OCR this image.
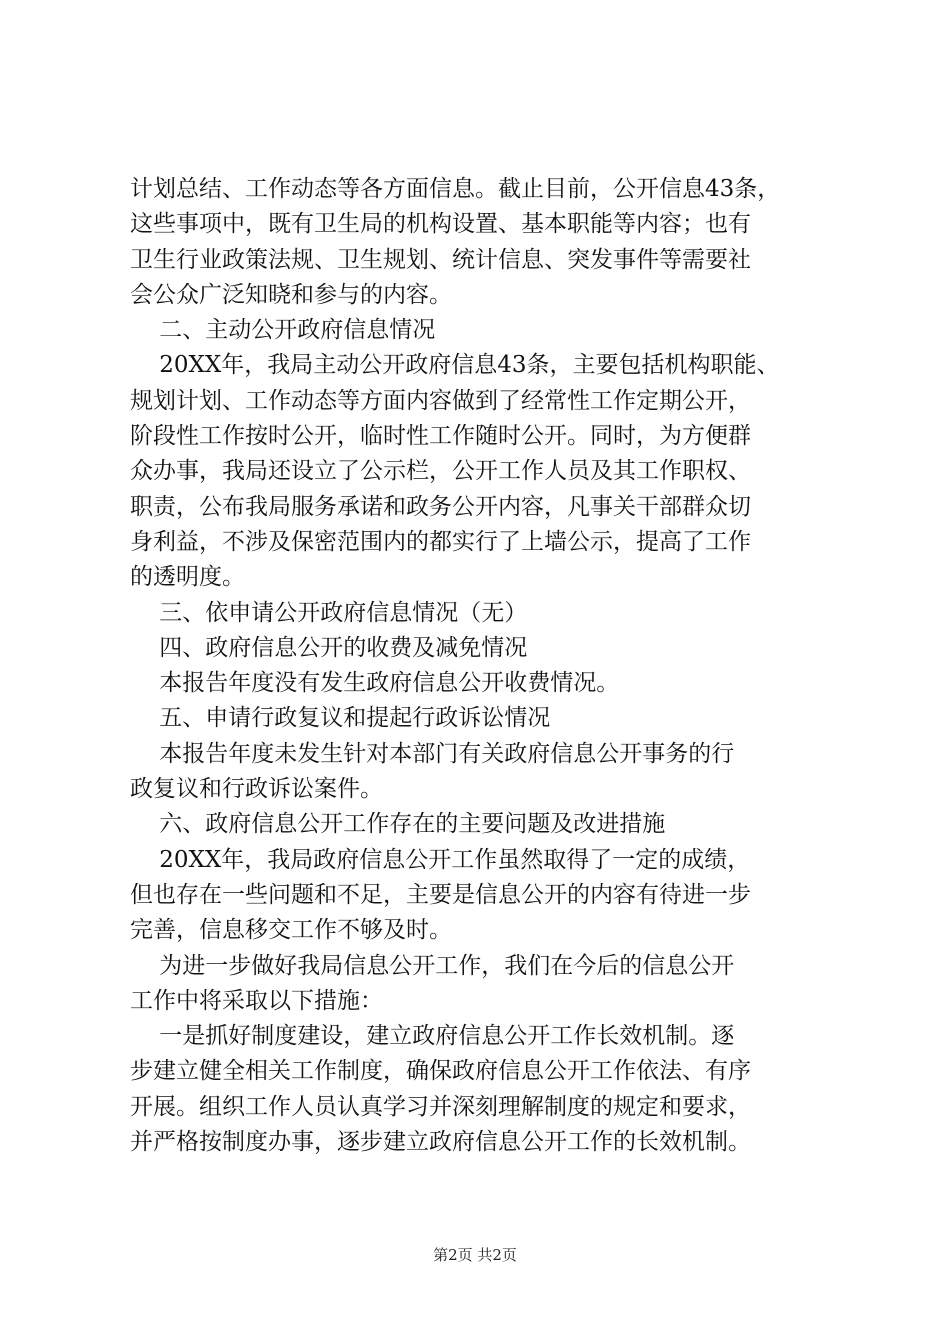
计划总结、工作动态等各方面信息。截止目前，公开信息43条，
这些事项中，既有卫生局的机构设置、基本职能等内容；也有
卫生行业政策法规、卫生规划、统计信息、突发事件等需要社
会公众广泛知晓和参与的内容。
二、主动公开政府信息情况
20XX年，我局主动公开政府信息43条，主要包括机构职能、
规划计划、工作动态等方面内容做到了经常性工作定期公开，
阶段性工作按时公开，临时性工作随时公开。同时，为方便群
众办事，我局还设立了公示栏，公开工作人员及其工作职权、
职责，公布我局服务承诺和政务公开内容，凡事关干部群众切
身利益，不涉及保密范围内的都实行了上墙公示，提高了工作
的透明度。
三、依申请公开政府信息情况（无）
四、政府信息公开的收费及减免情况
本报告年度没有发生政府信息公开收费情况。
五、申请行政复议和提起行政诉讼情况
本报告年度未发生针对本部门有关政府信息公开事务的行
政复议和行政诉讼案件。
六、政府信息公开工作存在的主要问题及改进措施
20XX年，我局政府信息公开工作虽然取得了一定的成绩，
但也存在一些问题和不足，主要是信息公开的内容有待进一步
完善，信息移交工作不够及时。
为进一步做好我局信息公开工作，我们在今后的信息公开
工作中将采取以下措施：
一是抓好制度建设，建立政府信息公开工作长效机制。逐
步建立健全相关工作制度，确保政府信息公开工作依法、有序
开展。组织工作人员认真学习并深刻理解制度的规定和要求，
并严格按制度办事，逐步建立政府信息公开工作的长效机制。
第2页 共2页
